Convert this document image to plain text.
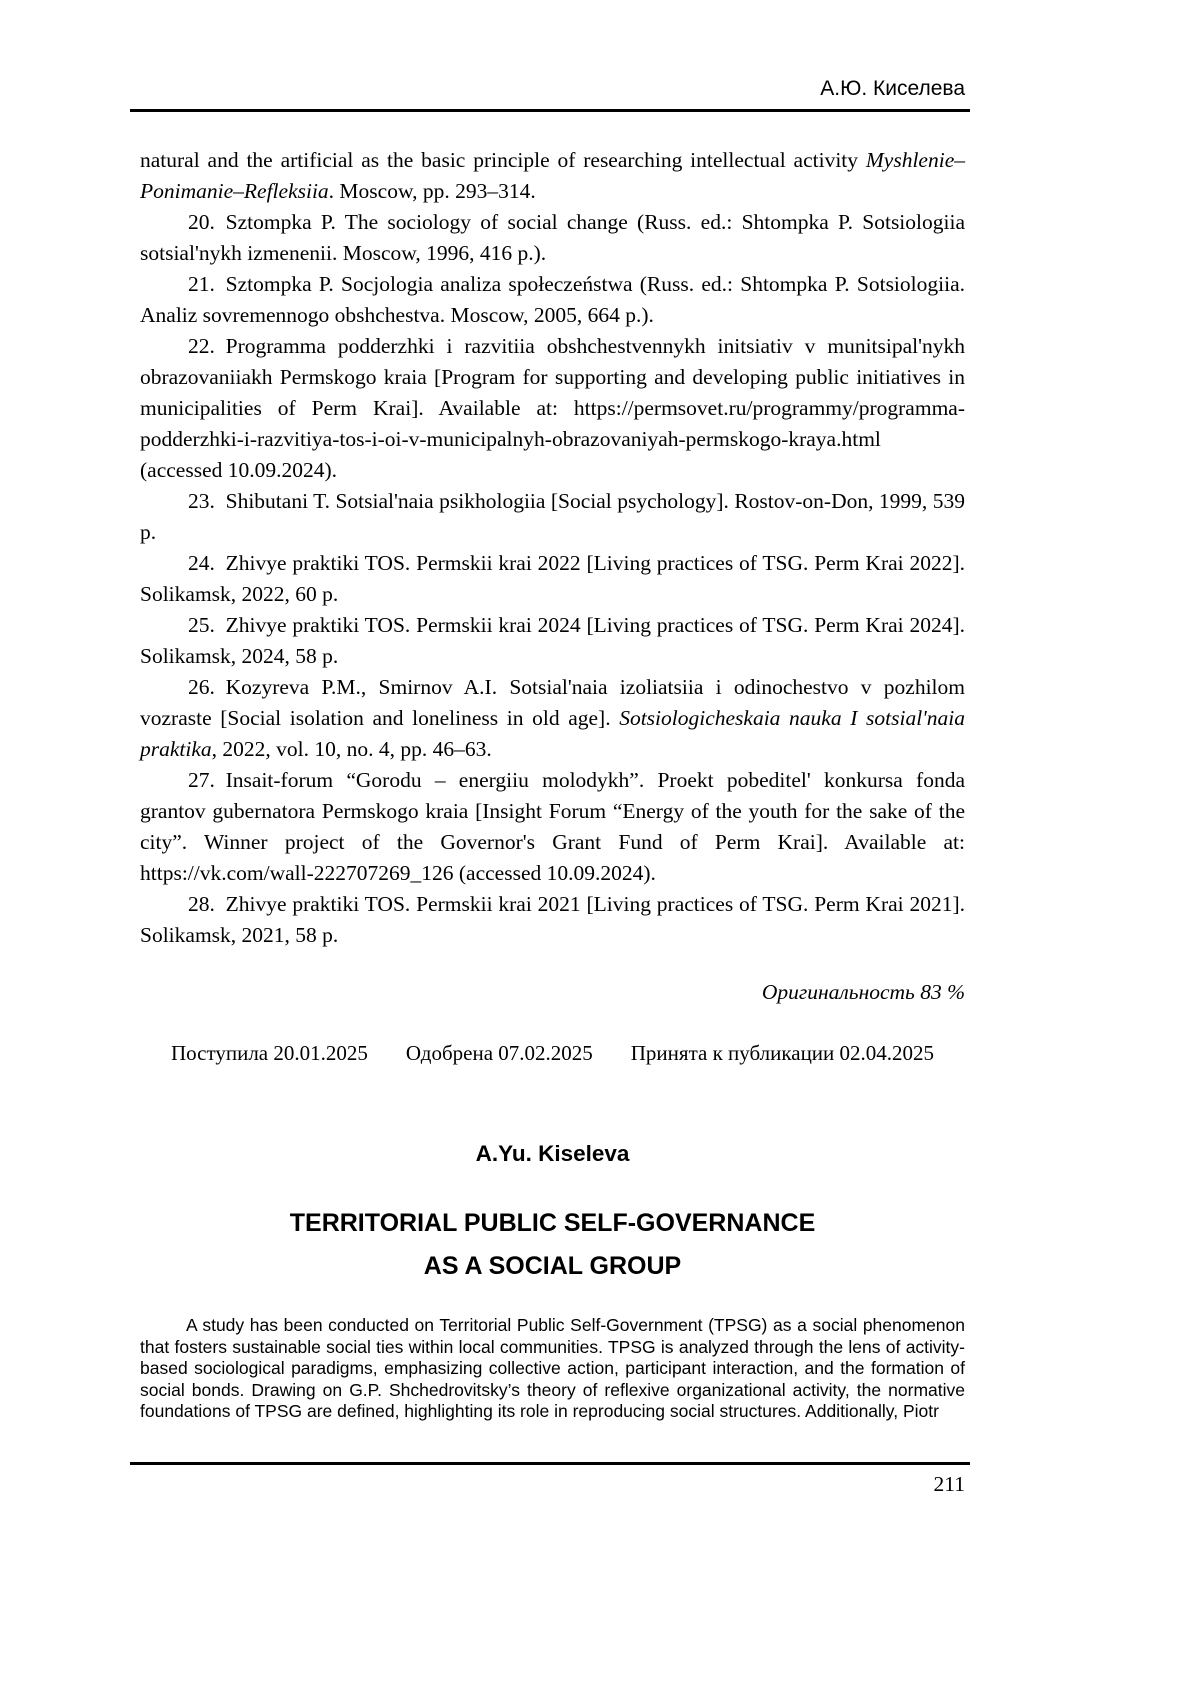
А.Ю. Киселева

natural and the artificial as the basic principle of researching intellectual activity Myshlenie–Ponimanie–Refleksiia. Moscow, pp. 293–314.

20. Sztompka P. The sociology of social change (Russ. ed.: Shtompka P. Sotsiologiia sotsial'nykh izmenenii. Moscow, 1996, 416 p.).

21. Sztompka P. Socjologia analiza społeczeństwa (Russ. ed.: Shtompka P. Sotsiologiia. Analiz sovremennogo obshchestva. Moscow, 2005, 664 p.).

22. Programma podderzhki i razvitiia obshchestvennykh initsiativ v munitsipal'nykh obrazovaniiakh Permskogo kraia [Program for supporting and developing public initiatives in municipalities of Perm Krai]. Available at: https://permsovet.ru/programmy/programma-podderzhki-i-razvitiya-tos-i-oi-v-municipalnyh-obrazovaniyah-permskogo-kraya.html (accessed 10.09.2024).

23. Shibutani T. Sotsial'naia psikhologiia [Social psychology]. Rostov-on-Don, 1999, 539 p.

24. Zhivye praktiki TOS. Permskii krai 2022 [Living practices of TSG. Perm Krai 2022]. Solikamsk, 2022, 60 p.

25. Zhivye praktiki TOS. Permskii krai 2024 [Living practices of TSG. Perm Krai 2024]. Solikamsk, 2024, 58 p.

26. Kozyreva P.M., Smirnov A.I. Sotsial'naia izoliatsiia i odinochestvo v pozhilom vozraste [Social isolation and loneliness in old age]. Sotsiologicheskaia nauka I sotsial'naia praktika, 2022, vol. 10, no. 4, pp. 46–63.

27. Insait-forum “Gorodu – energiiu molodykh”. Proekt pobeditel' konkursa fonda grantov gubernatora Permskogo kraia [Insight Forum “Energy of the youth for the sake of the city”. Winner project of the Governor's Grant Fund of Perm Krai]. Available at: https://vk.com/wall-222707269_126 (accessed 10.09.2024).

28. Zhivye praktiki TOS. Permskii krai 2021 [Living practices of TSG. Perm Krai 2021]. Solikamsk, 2021, 58 p.

Оригинальность 83 %

Поступила 20.01.2025 Одобрена 07.02.2025 Принята к публикации 02.04.2025
A.Yu. Kiseleva
TERRITORIAL PUBLIC SELF-GOVERNANCE
AS A SOCIAL GROUP

A study has been conducted on Territorial Public Self-Government (TPSG) as a social phenomenon that fosters sustainable social ties within local communities. TPSG is analyzed through the lens of activity-based sociological paradigms, emphasizing collective action, participant interaction, and the formation of social bonds. Drawing on G.P. Shchedrovitsky’s theory of reflexive organizational activity, the normative foundations of TPSG are defined, highlighting its role in reproducing social structures. Additionally, Piotr

211
